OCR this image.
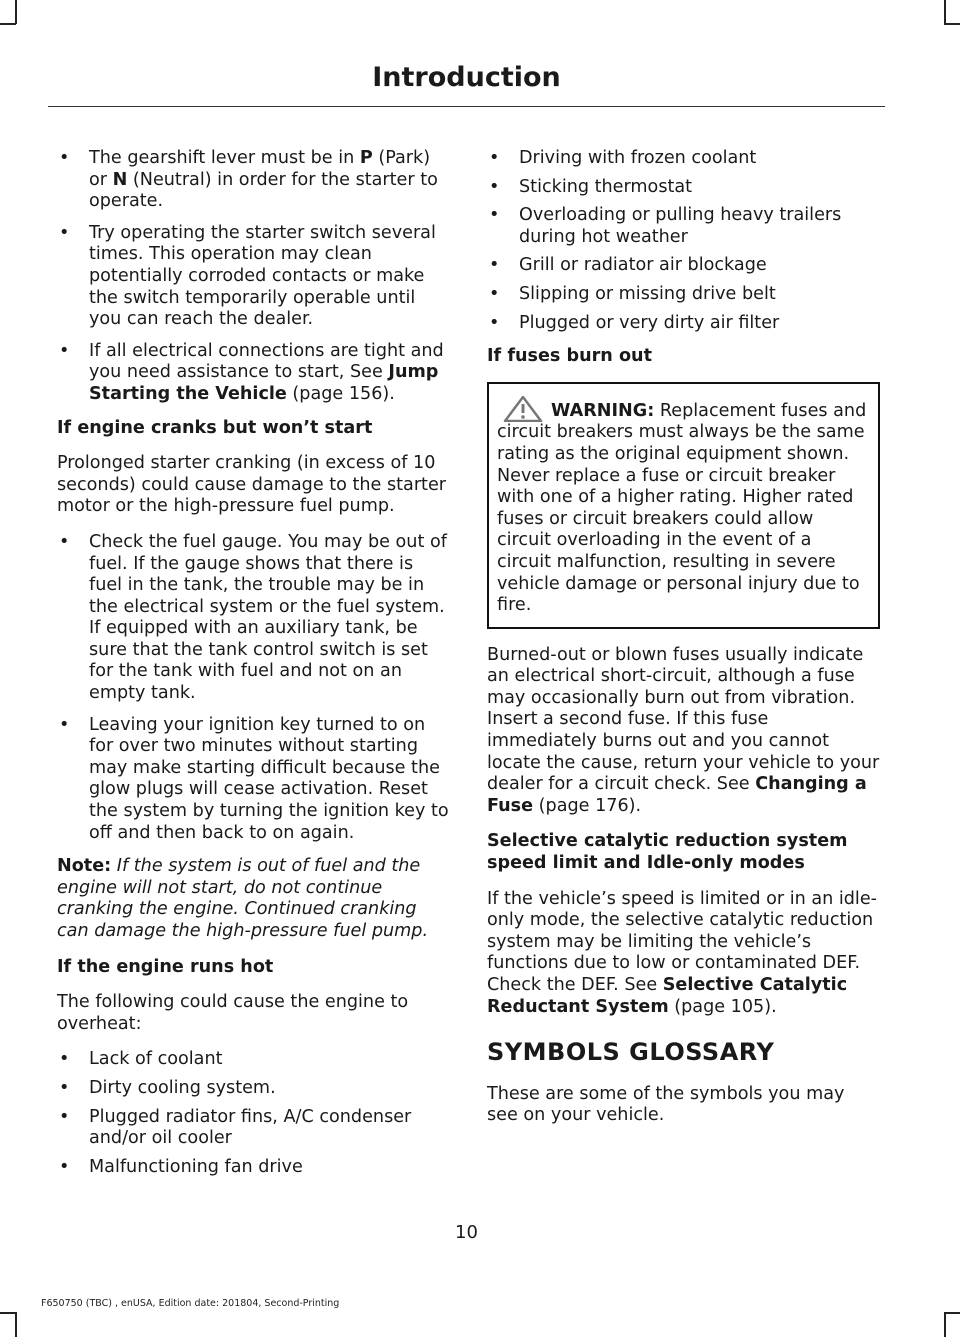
Introduction
• The gearshift lever must be in P (Park) or N (Neutral) in order for the starter to operate.
• Try operating the starter switch several times. This operation may clean potentially corroded contacts or make the switch temporarily operable until you can reach the dealer.
• If all electrical connections are tight and you need assistance to start, See Jump Starting the Vehicle (page 156).
If engine cranks but won’t start

Prolonged starter cranking (in excess of 10 seconds) could cause damage to the starter motor or the high-pressure fuel pump.

• Check the fuel gauge. You may be out of fuel. If the gauge shows that there is fuel in the tank, the trouble may be in the electrical system or the fuel system. If equipped with an auxiliary tank, be sure that the tank control switch is set for the tank with fuel and not on an empty tank.
• Leaving your ignition key turned to on for over two minutes without starting may make starting difficult because the glow plugs will cease activation. Reset the system by turning the ignition key to off and then back to on again.

Note: If the system is out of fuel and the engine will not start, do not continue cranking the engine. Continued cranking can damage the high-pressure fuel pump.

If the engine runs hot

The following could cause the engine to overheat:

• Lack of coolant
• Dirty cooling system.
• Plugged radiator fins, A/C condenser and/or oil cooler
• Malfunctioning fan drive
• Driving with frozen coolant
• Sticking thermostat
• Overloading or pulling heavy trailers during hot weather
• Grill or radiator air blockage
• Slipping or missing drive belt
• Plugged or very dirty air filter
If fuses burn out
WARNING: Replacement fuses and circuit breakers must always be the same rating as the original equipment shown. Never replace a fuse or circuit breaker with one of a higher rating. Higher rated fuses or circuit breakers could allow circuit overloading in the event of a circuit malfunction, resulting in severe vehicle damage or personal injury due to fire.

Burned-out or blown fuses usually indicate an electrical short-circuit, although a fuse may occasionally burn out from vibration. Insert a second fuse. If this fuse immediately burns out and you cannot locate the cause, return your vehicle to your dealer for a circuit check. See Changing a Fuse (page 176).

Selective catalytic reduction system speed limit and Idle-only modes

If the vehicle’s speed is limited or in an idle-only mode, the selective catalytic reduction system may be limiting the vehicle’s functions due to low or contaminated DEF. Check the DEF. See Selective Catalytic Reductant System (page 105).

SYMBOLS GLOSSARY

These are some of the symbols you may see on your vehicle.

10
F650750 (TBC) , enUSA, Edition date: 201804, Second-Printing
